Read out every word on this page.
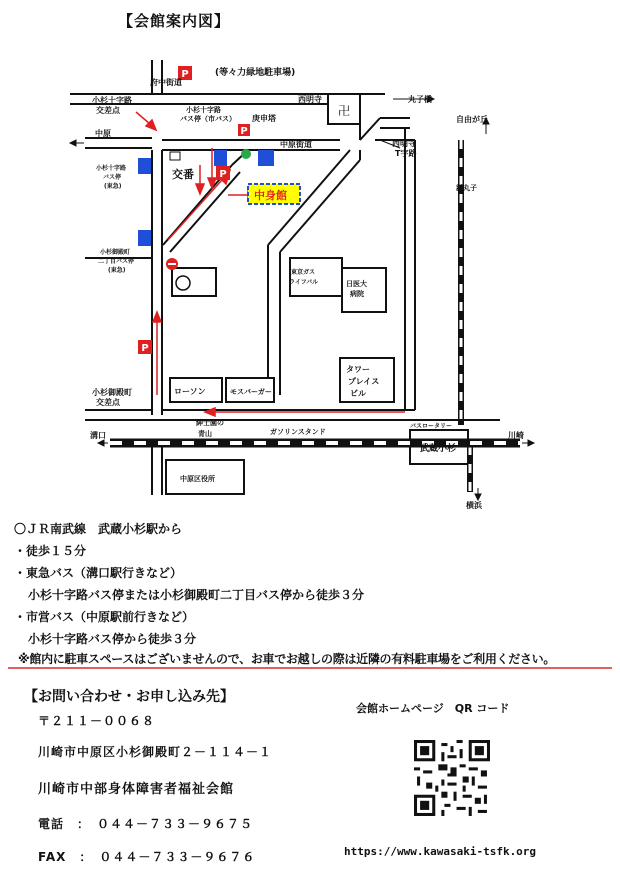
【会館案内図】
P
P
P
P
卍
(等々力緑地駐車場)
府中街道
小杉十字路
交差点	小杉十字路
バス停（市バス） 庚申塔
西明寺	丸子橋
西明寺
T字路
自由が丘
中原
交番
中原街道
中身館
新丸子
小杉十字路
バス停
(東急)
小杉御殿町
二丁目バス停
(東急)	東京ガス
ライフバル	日医大
病院
小杉御殿町
交差点
ローソン	モスバーガー
タワー
プレイス
ビル
バスロータリー
溝口
紳士園の
青山	ガソリンスタンド
武蔵小杉
川崎
中原区役所
横浜
〇ＪＲ南武線　武蔵小杉駅から
・徒歩１５分
・東急バス（溝口駅行きなど）
小杉十字路バス停または小杉御殿町二丁目バス停から徒歩３分
・市営バス（中原駅前行きなど）
小杉十字路バス停から徒歩３分
※館内に駐車スペースはございませんので、お車でお越しの際は近隣の有料駐車場をご利用ください。
【お問い合わせ・お申し込み先】
〒２１１－００６８
川崎市中原区小杉御殿町２－１１４－１
川崎市中部身体障害者福祉会館
電話　：　０４４－７３３－９６７５
FAX　：　０４４－７３３－９６７６
会館ホームページ　QR コード
https://www.kawasaki-tsfk.org
